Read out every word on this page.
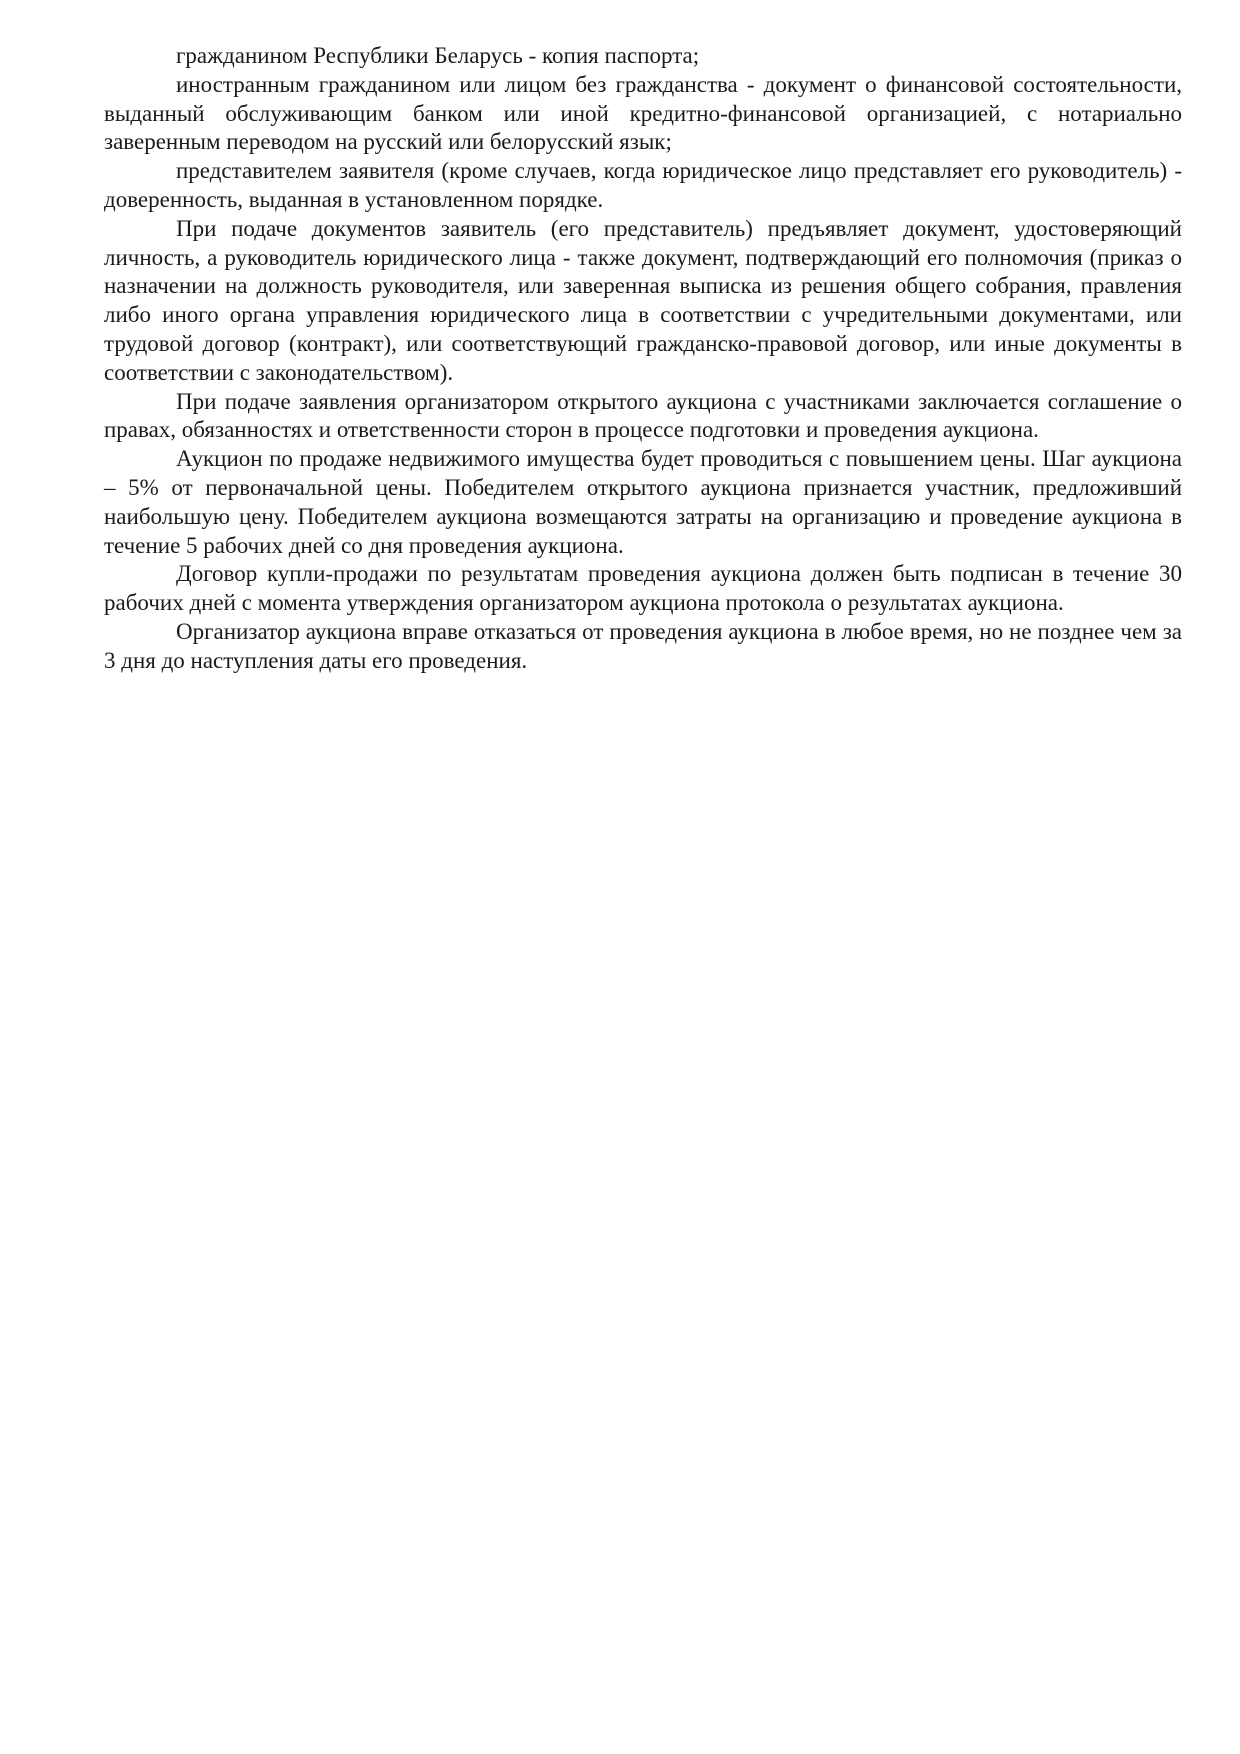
гражданином Республики Беларусь - копия паспорта;

иностранным гражданином или лицом без гражданства - документ о финансовой состоятельности, выданный обслуживающим банком или иной кредитно-финансовой организацией, с нотариально заверенным переводом на русский или белорусский язык;

представителем заявителя (кроме случаев, когда юридическое лицо представляет его руководитель) - доверенность, выданная в установленном порядке.

При подаче документов заявитель (его представитель) предъявляет документ, удостоверяющий личность, а руководитель юридического лица - также документ, подтверждающий его полномочия (приказ о назначении на должность руководителя, или заверенная выписка из решения общего собрания, правления либо иного органа управления юридического лица в соответствии с учредительными документами, или трудовой договор (контракт), или соответствующий гражданско-правовой договор, или иные документы в соответствии с законодательством).

При подаче заявления организатором открытого аукциона с участниками заключается соглашение о правах, обязанностях и ответственности сторон в процессе подготовки и проведения аукциона.

Аукцион по продаже недвижимого имущества будет проводиться с повышением цены. Шаг аукциона – 5% от первоначальной цены. Победителем открытого аукциона признается участник, предложивший наибольшую цену. Победителем аукциона возмещаются затраты на организацию и проведение аукциона в течение 5 рабочих дней со дня проведения аукциона.

Договор купли-продажи по результатам проведения аукциона должен быть подписан в течение 30 рабочих дней с момента утверждения организатором аукциона протокола о результатах аукциона.

Организатор аукциона вправе отказаться от проведения аукциона в любое время, но не позднее чем за 3 дня до наступления даты его проведения.
